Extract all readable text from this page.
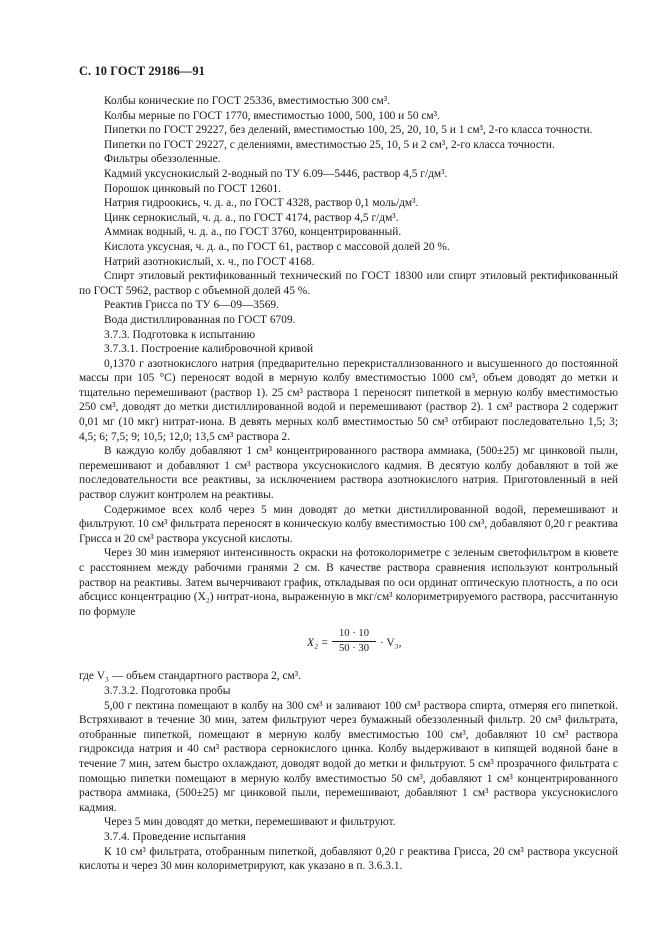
С. 10 ГОСТ 29186—91

Колбы конические по ГОСТ 25336, вместимостью 300 см³.

Колбы мерные по ГОСТ 1770, вместимостью 1000, 500, 100 и 50 см³.

Пипетки по ГОСТ 29227, без делений, вместимостью 100, 25, 20, 10, 5 и 1 см³, 2-го класса точности.

Пипетки по ГОСТ 29227, с делениями, вместимостью 25, 10, 5 и 2 см³, 2-го класса точности.

Фильтры обеззоленные.

Кадмий уксуснокислый 2-водный по ТУ 6.09—5446, раствор 4,5 г/дм³.

Порошок цинковый по ГОСТ 12601.

Натрия гидроокись, ч. д. а., по ГОСТ 4328, раствор 0,1 моль/дм³.

Цинк сернокислый, ч. д. а., по ГОСТ 4174, раствор 4,5 г/дм³.

Аммиак водный, ч. д. а., по ГОСТ 3760, концентрированный.

Кислота уксусная, ч. д. а., по ГОСТ 61, раствор с массовой долей 20 %.

Натрий азотнокислый, х. ч., по ГОСТ 4168.

Спирт этиловый ректификованный технический по ГОСТ 18300 или спирт этиловый ректификованный по ГОСТ 5962, раствор с объемной долей 45 %.

Реактив Грисса по ТУ 6—09—3569.

Вода дистиллированная по ГОСТ 6709.

3.7.3. Подготовка к испытанию

3.7.3.1. Построение калибровочной кривой

0,1370 г азотнокислого натрия (предварительно перекристаллизованного и высушенного до постоянной массы при 105 °С) переносят водой в мерную колбу вместимостью 1000 см³, объем доводят до метки и тщательно перемешивают (раствор 1). 25 см³ раствора 1 переносят пипеткой в мерную колбу вместимостью 250 см³, доводят до метки дистиллированной водой и перемешивают (раствор 2). 1 см³ раствора 2 содержит 0,01 мг (10 мкг) нитрат-иона. В девять мерных колб вместимостью 50 см³ отбирают последовательно 1,5; 3; 4,5; 6; 7,5; 9; 10,5; 12,0; 13,5 см³ раствора 2.

В каждую колбу добавляют 1 см³ концентрированного раствора аммиака, (500±25) мг цинковой пыли, перемешивают и добавляют 1 см³ раствора уксуснокислого кадмия. В десятую колбу добавляют в той же последовательности все реактивы, за исключением раствора азотнокислого натрия. Приготовленный в ней раствор служит контролем на реактивы.

Содержимое всех колб через 5 мин доводят до метки дистиллированной водой, перемешивают и фильтруют. 10 см³ фильтрата переносят в коническую колбу вместимостью 100 см³, добавляют 0,20 г реактива Грисса и 20 см³ раствора уксусной кислоты.

Через 30 мин измеряют интенсивность окраски на фотоколориметре с зеленым светофильтром в кювете с расстоянием между рабочими гранями 2 см. В качестве раствора сравнения используют контрольный раствор на реактивы. Затем вычерчивают график, откладывая по оси ординат оптическую плотность, а по оси абсцисс концентрацию (X₂) нитрат-иона, выраженную в мкг/см³ колориметрируемого раствора, рассчитанную по формуле

$X_2 = \frac{10 \cdot 10}{50 \cdot 30} \cdot V_3$,

где V₃ — объем стандартного раствора 2, см³.

3.7.3.2. Подготовка пробы

5,00 г пектина помещают в колбу на 300 см³ и заливают 100 см³ раствора спирта, отмеряя его пипеткой. Встряхивают в течение 30 мин, затем фильтруют через бумажный обеззоленный фильтр. 20 см³ фильтрата, отобранные пипеткой, помещают в мерную колбу вместимостью 100 см³, добавляют 10 см³ раствора гидроксида натрия и 40 см³ раствора сернокислого цинка. Колбу выдерживают в кипящей водяной бане в течение 7 мин, затем быстро охлаждают, доводят водой до метки и фильтруют. 5 см³ прозрачного фильтрата с помощью пипетки помещают в мерную колбу вместимостью 50 см³, добавляют 1 см³ концентрированного раствора аммиака, (500±25) мг цинковой пыли, перемешивают, добавляют 1 см³ раствора уксуснокислого кадмия.

Через 5 мин доводят до метки, перемешивают и фильтруют.

3.7.4. Проведение испытания

К 10 см³ фильтрата, отобранным пипеткой, добавляют 0,20 г реактива Грисса, 20 см³ раствора уксусной кислоты и через 30 мин колориметрируют, как указано в п. 3.6.3.1.
